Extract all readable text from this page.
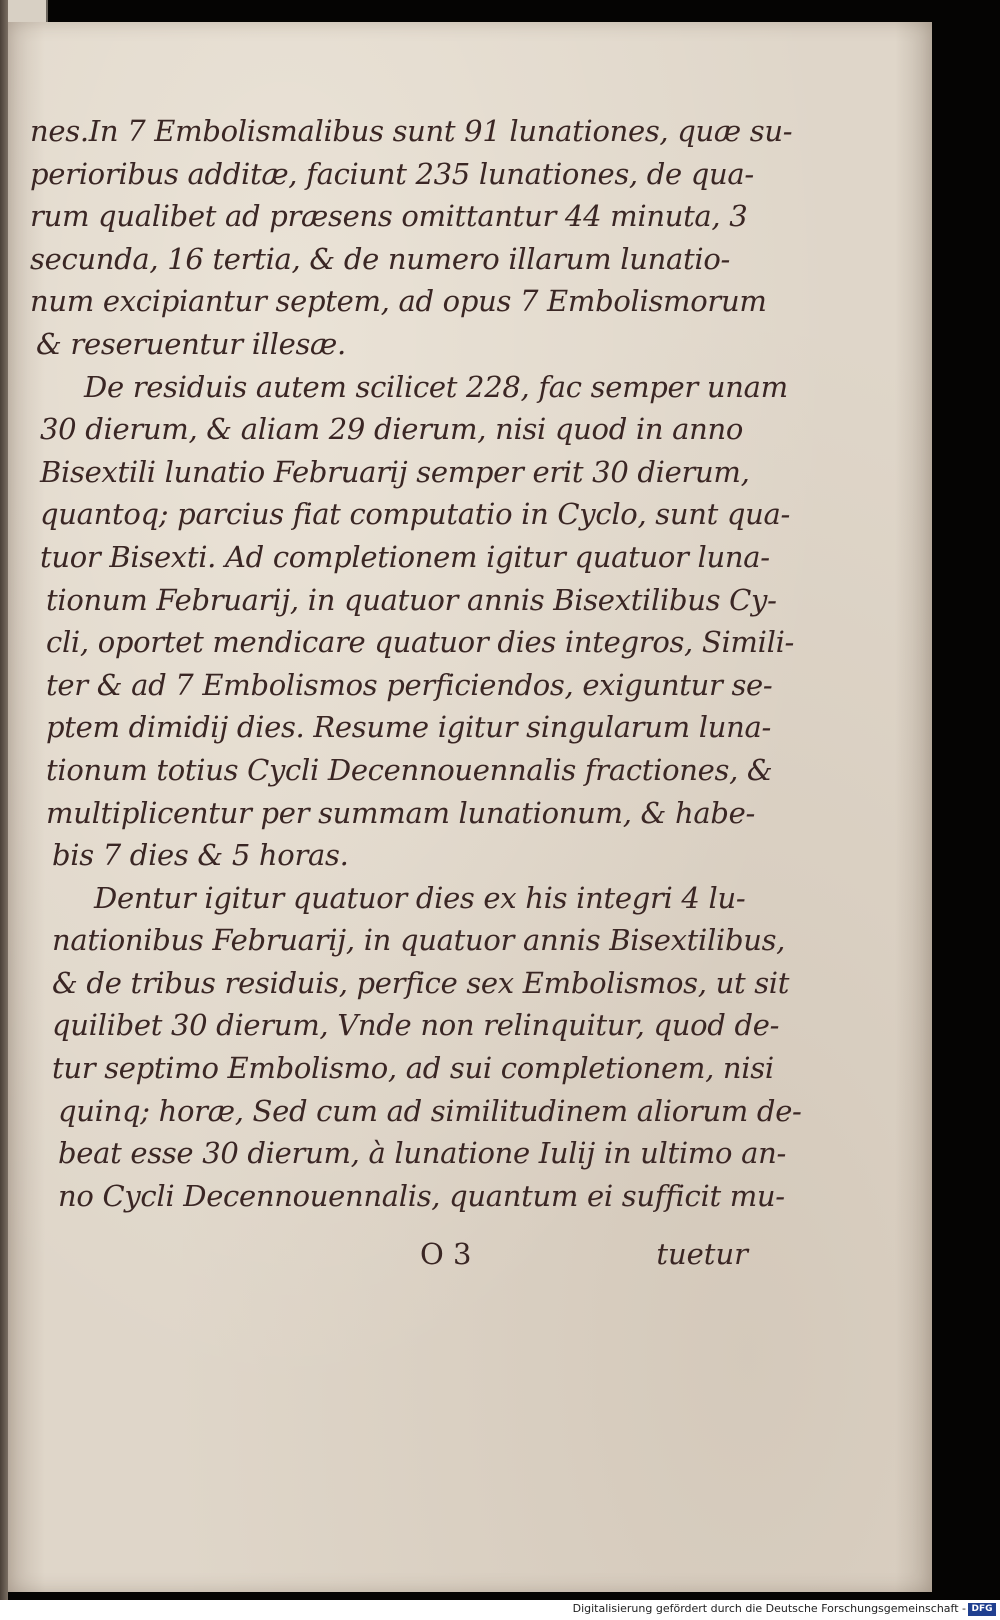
nes.In 7 Embolismalibus sunt 91 lunationes, quæ su-
perioribus additæ, faciunt 235 lunationes, de qua-
rum qualibet ad præsens omittantur 44 minuta, 3
secunda, 16 tertia, & de numero illarum lunatio-
num excipiantur septem, ad opus 7 Embolismorum
& reseruentur illesæ.
De residuis autem scilicet 228, fac semper unam
30 dierum, & aliam 29 dierum, nisi quod in anno
Bisextili lunatio Februarij semper erit 30 dierum,
quantoq; parcius fiat computatio in Cyclo, sunt qua-
tuor Bisexti. Ad completionem igitur quatuor luna-
tionum Februarij, in quatuor annis Bisextilibus Cy-
cli, oportet mendicare quatuor dies integros, Simili-
ter & ad 7 Embolismos perficiendos, exiguntur se-
ptem dimidij dies. Resume igitur singularum luna-
tionum totius Cycli Decennouennalis fractiones, &
multiplicentur per summam lunationum, & habe-
bis 7 dies & 5 horas.
Dentur igitur quatuor dies ex his integri 4 lu-
nationibus Februarij, in quatuor annis Bisextilibus,
& de tribus residuis, perfice sex Embolismos, ut sit
quilibet 30 dierum, Vnde non relinquitur, quod de-
tur septimo Embolismo, ad sui completionem, nisi
quinq; horæ, Sed cum ad similitudinem aliorum de-
beat esse 30 dierum, à lunatione Iulij in ultimo an-
no Cycli Decennouennalis, quantum ei sufficit mu-
O 3	tuetur
Digitalisierung gefördert durch die Deutsche Forschungsgemeinschaft - DFG
